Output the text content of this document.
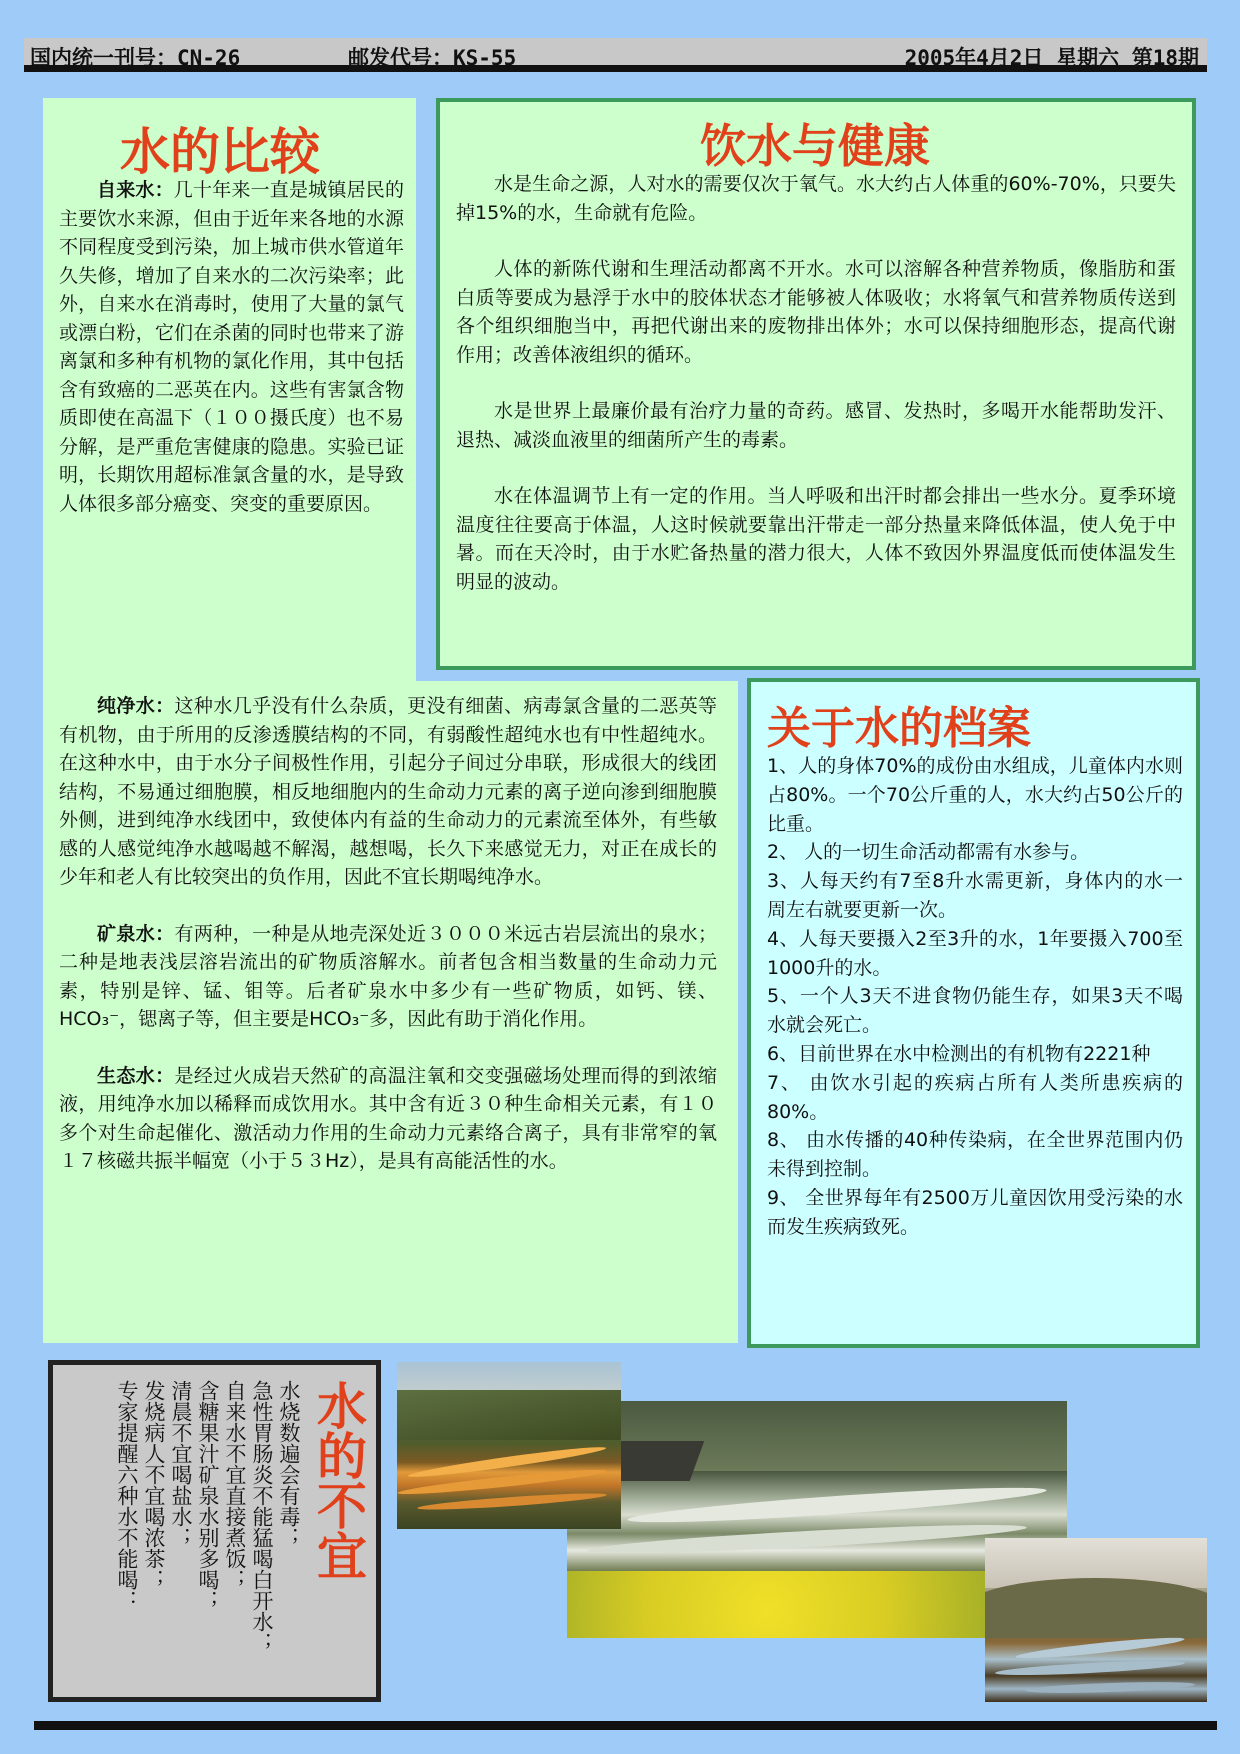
国内统一刊号：CN-26	邮发代号：KS-55	2005年4月2日 星期六 第18期
水的比较

自来水：几十年来一直是城镇居民的主要饮水来源，但由于近年来各地的水源不同程度受到污染，加上城市供水管道年久失修，增加了自来水的二次污染率；此外，自来水在消毒时，使用了大量的氯气或漂白粉，它们在杀菌的同时也带来了游离氯和多种有机物的氯化作用，其中包括含有致癌的二恶英在内。这些有害氯含物质即使在高温下（１００摄氏度）也不易分解，是严重危害健康的隐患。实验已证明，长期饮用超标准氯含量的水，是导致人体很多部分癌变、突变的重要原因。

饮水与健康

水是生命之源，人对水的需要仅次于氧气。水大约占人体重的60%-70%，只要失掉15%的水，生命就有危险。

人体的新陈代谢和生理活动都离不开水。水可以溶解各种营养物质，像脂肪和蛋白质等要成为悬浮于水中的胶体状态才能够被人体吸收；水将氧气和营养物质传送到各个组织细胞当中，再把代谢出来的废物排出体外；水可以保持细胞形态，提高代谢作用；改善体液组织的循环。

水是世界上最廉价最有治疗力量的奇药。感冒、发热时，多喝开水能帮助发汗、退热、减淡血液里的细菌所产生的毒素。

水在体温调节上有一定的作用。当人呼吸和出汗时都会排出一些水分。夏季环境温度往往要高于体温，人这时候就要靠出汗带走一部分热量来降低体温，使人免于中暑。而在天冷时，由于水贮备热量的潜力很大，人体不致因外界温度低而使体温发生明显的波动。

纯净水：这种水几乎没有什么杂质，更没有细菌、病毒氯含量的二恶英等有机物，由于所用的反渗透膜结构的不同，有弱酸性超纯水也有中性超纯水。在这种水中，由于水分子间极性作用，引起分子间过分串联，形成很大的线团结构，不易通过细胞膜，相反地细胞内的生命动力元素的离子逆向渗到细胞膜外侧，进到纯净水线团中，致使体内有益的生命动力的元素流至体外，有些敏感的人感觉纯净水越喝越不解渴，越想喝，长久下来感觉无力，对正在成长的少年和老人有比较突出的负作用，因此不宜长期喝纯净水。

矿泉水：有两种，一种是从地壳深处近３０００米远古岩层流出的泉水；二种是地表浅层溶岩流出的矿物质溶解水。前者包含相当数量的生命动力元素，特别是锌、锰、钼等。后者矿泉水中多少有一些矿物质，如钙、镁、HCO₃⁻，锶离子等，但主要是HCO₃⁻多，因此有助于消化作用。

生态水：是经过火成岩天然矿的高温注氧和交变强磁场处理而得的到浓缩液，用纯净水加以稀释而成饮用水。其中含有近３０种生命相关元素，有１０多个对生命起催化、激活动力作用的生命动力元素络合离子，具有非常窄的氧１７核磁共振半幅宽（小于５３Hz），是具有高能活性的水。

关于水的档案

1、人的身体70%的成份由水组成，儿童体内水则占80%。一个70公斤重的人，水大约占50公斤的比重。

2、 人的一切生命活动都需有水参与。

3、人每天约有7至8升水需更新，身体内的水一周左右就要更新一次。

4、人每天要摄入2至3升的水，1年要摄入700至1000升的水。

5、一个人3天不进食物仍能生存，如果3天不喝水就会死亡。

6、目前世界在水中检测出的有机物有2221种

7、 由饮水引起的疾病占所有人类所患疾病的80%。

8、 由水传播的40种传染病，在全世界范围内仍未得到控制。

9、 全世界每年有2500万儿童因饮用受污染的水而发生疾病致死。

水的不宜
水烧数遍会有毒；
急性胃肠炎不能猛喝白开水；
自来水不宜直接煮饭；
含糖果汁矿泉水别多喝；
清晨不宜喝盐水；
发烧病人不宜喝浓茶；
专家提醒六种水不能喝：
